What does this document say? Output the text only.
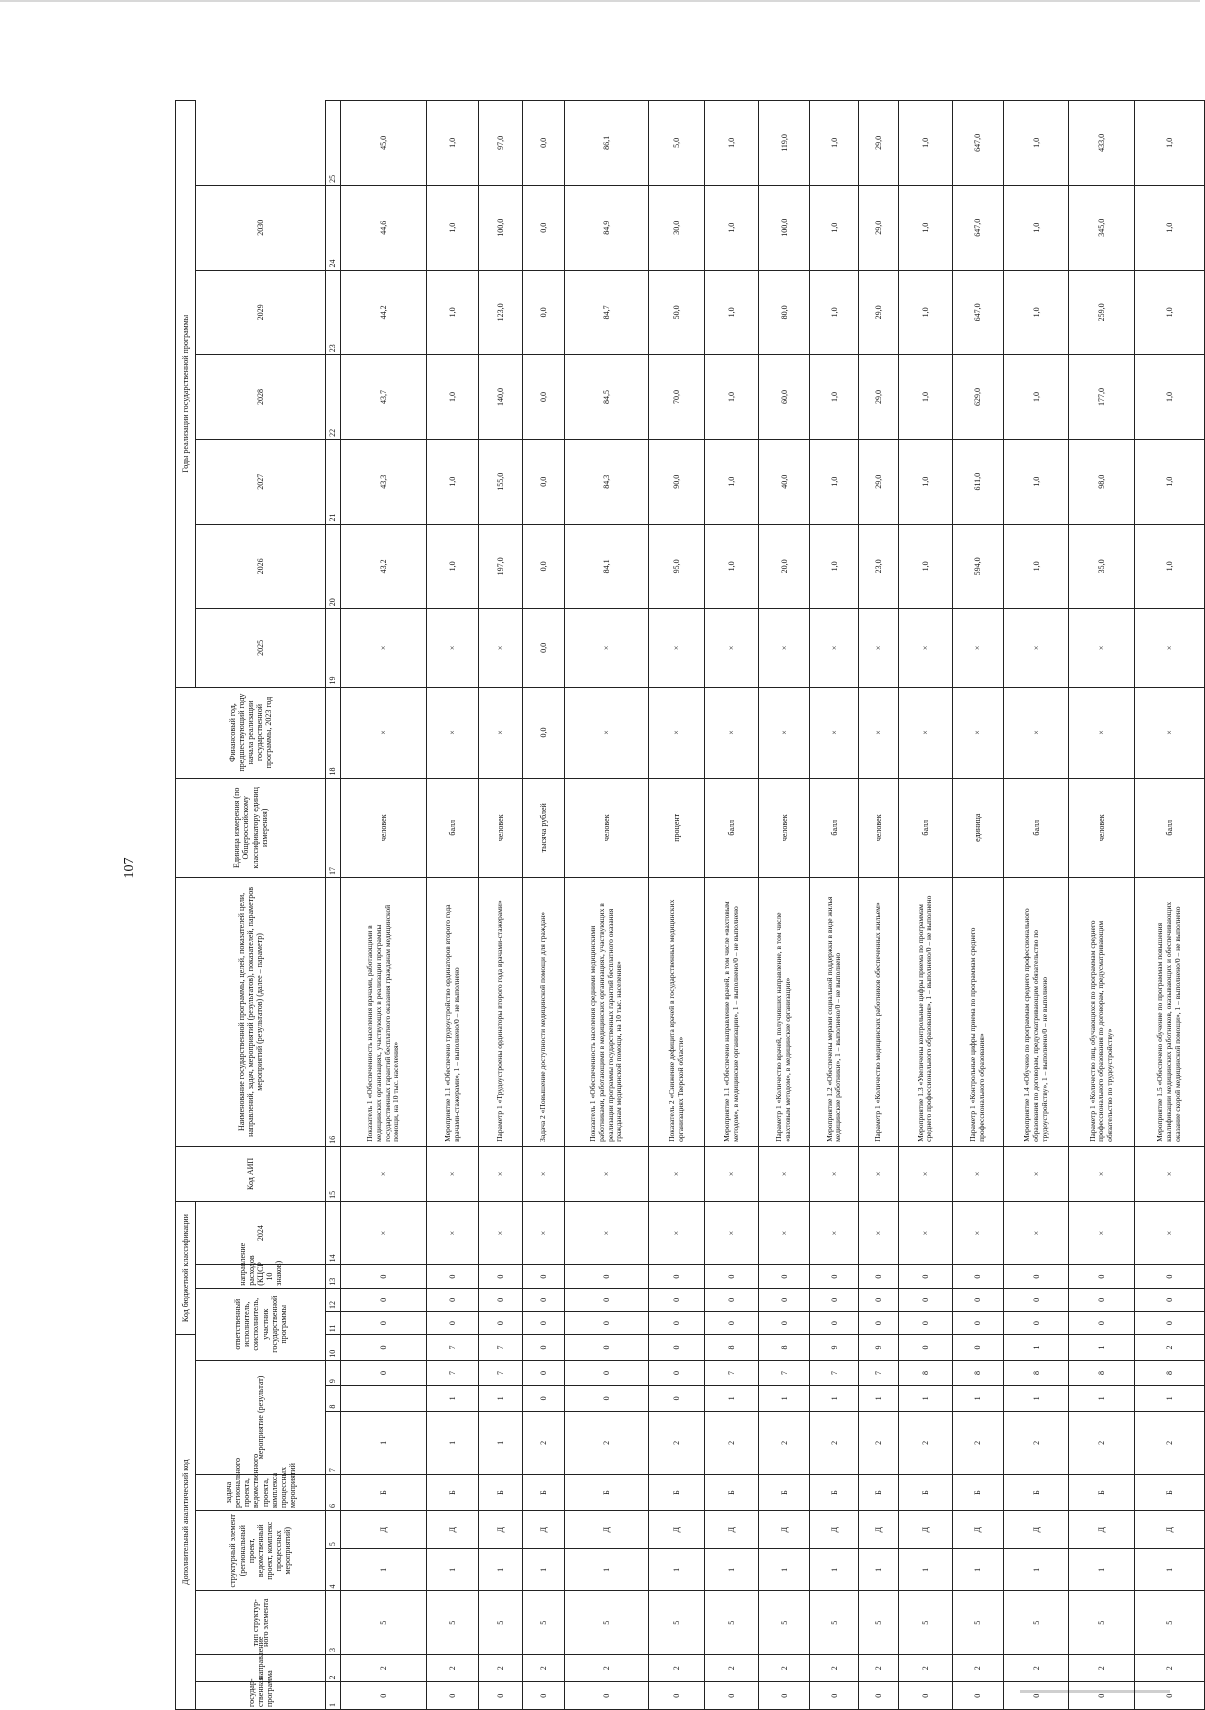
107
Дополнительный аналитический код										Код бюджетной классификации				Код АИП	Наименование государственной программы, целей, показателей цели, направлений, задач, мероприятий (результатов), показателей, параметров мероприятий (результатов) (далее – параметр)	Единица измерения (по Общероссийскому классификатору единиц измерения)	Финансовый год, предшествующий году начала реализации государственной программы, 2023 год	Годы реализации государственной программы						
государ-ственная программа	направление	тип структур-ного элемента	структурный элемент (региональный проект, ведомственный проект, комплекс процессных мероприятий)		задача регионального проекта, ведомственного проекта, комплекса процессных мероприятий	мероприятие (результат)			ответственный исполнитель, соисполнитель, участник государственной программы			направление расходов (КЦСР 10 знаков)	2024					2025	2026	2027	2028	2029	2030	

1	2	3	4	5	6	7	8	9	10	11	12	13	14	15	16	17	18	19	20	21	22	23	24	25
0	2	5	1	Д	Б	1		0	0	0	0	0	×	×	Показатель 1 «Обеспеченность населения врачами, работающими в медицинских организациях, участвующих в реализации программы государственных гарантий бесплатного оказания гражданам медицинской помощи, на 10 тыс. населения»	человек	×	×	43,2	43,3	43,7	44,2	44,6	45,0
0	2	5	1	Д	Б	1	1	7	7	0	0	0	×	×	Мероприятие 1.1 «Обеспечено трудоустройство ординаторов второго года врачами-стажерами», 1 – выполнено/0 – не выполнено	балл	×	×	1,0	1,0	1,0	1,0	1,0	1,0
0	2	5	1	Д	Б	1	1	7	7	0	0	0	×	×	Параметр 1 «Трудоустроены ординаторы второго года врачами-стажерами»	человек	×	×	197,0	155,0	140,0	123,0	100,0	97,0
0	2	5	1	Д	Б	2	0	0	0	0	0	0	×	×	Задача 2 «Повышение доступности медицинской помощи для граждан»	тысяча рублей	0,0	0,0	0,0	0,0	0,0	0,0	0,0	0,0
0	2	5	1	Д	Б	2	0	0	0	0	0	0	×	×	Показатель 1 «Обеспеченность населения средними медицинскими работниками, работающими в медицинских организациях, участвующих в реализации программы государственных гарантий бесплатного оказания гражданам медицинской помощи, на 10 тыс. населения»	человек	×	×	84,1	84,3	84,5	84,7	84,9	86,1
0	2	5	1	Д	Б	2	0	0	0	0	0	0	×	×	Показатель 2 «Снижение дефицита врачей в государственных медицинских организациях Тверской области»	процент	×	×	95,0	90,0	70,0	50,0	30,0	5,0
0	2	5	1	Д	Б	2	1	7	8	0	0	0	×	×	Мероприятие 1.1 «Обеспечено направление врачей, в том числе «вахтовым методом», в медицинские организации», 1 – выполнено/0 – не выполнено	балл	×	×	1,0	1,0	1,0	1,0	1,0	1,0
0	2	5	1	Д	Б	2	1	7	8	0	0	0	×	×	Параметр 1 «Количество врачей, получивших направление, в том числе «вахтовым методом», в медицинские организации»	человек	×	×	20,0	40,0	60,0	80,0	100,0	119,0
0	2	5	1	Д	Б	2	1	7	9	0	0	0	×	×	Мероприятие 1.2 «Обеспечены мерами социальной поддержки в виде жилья медицинские работники», 1 – выполнено/0 – не выполнено	балл	×	×	1,0	1,0	1,0	1,0	1,0	1,0
0	2	5	1	Д	Б	2	1	7	9	0	0	0	×	×	Параметр 1 «Количество медицинских работников обеспеченных жильем»	человек	×	×	23,0	29,0	29,0	29,0	29,0	29,0
0	2	5	1	Д	Б	2	1	8	0	0	0	0	×	×	Мероприятие 1.3 «Увеличены контрольные цифры приема по программам среднего профессионального образования», 1 – выполнено/0 – не выполнено	балл	×	×	1,0	1,0	1,0	1,0	1,0	1,0
0	2	5	1	Д	Б	2	1	8	0	0	0	0	×	×	Параметр 1 «Контрольные цифры приема по программам среднего профессионального образования»	единица	×	×	594,0	611,0	629,0	647,0	647,0	647,0
0	2	5	1	Д	Б	2	1	8	1	0	0	0	×	×	Мероприятие 1.4 «Обучено по программам среднего профессионального образования по договорам, предусматривающим обязательство по трудоустройству», 1 – выполнено/0 – не выполнено	балл	×	×	1,0	1,0	1,0	1,0	1,0	1,0
0	2	5	1	Д	Б	2	1	8	1	0	0	0	×	×	Параметр 1 «Количество лиц, обучающихся по программам среднего профессионального образования по договорам, предусматривающим обязательство по трудоустройству»	человек	×	×	35,0	98,0	177,0	259,0	345,0	433,0
0	2	5	1	Д	Б	2	1	8	2	0	0	0	×	×	Мероприятие 1.5 «Обеспечено обучение по программам повышения квалификации медицинских работников, оказывающих и обеспечивающих оказание скорой медицинской помощи», 1 – выполнено/0 – не выполнено	балл	×	×	1,0	1,0	1,0	1,0	1,0	1,0
